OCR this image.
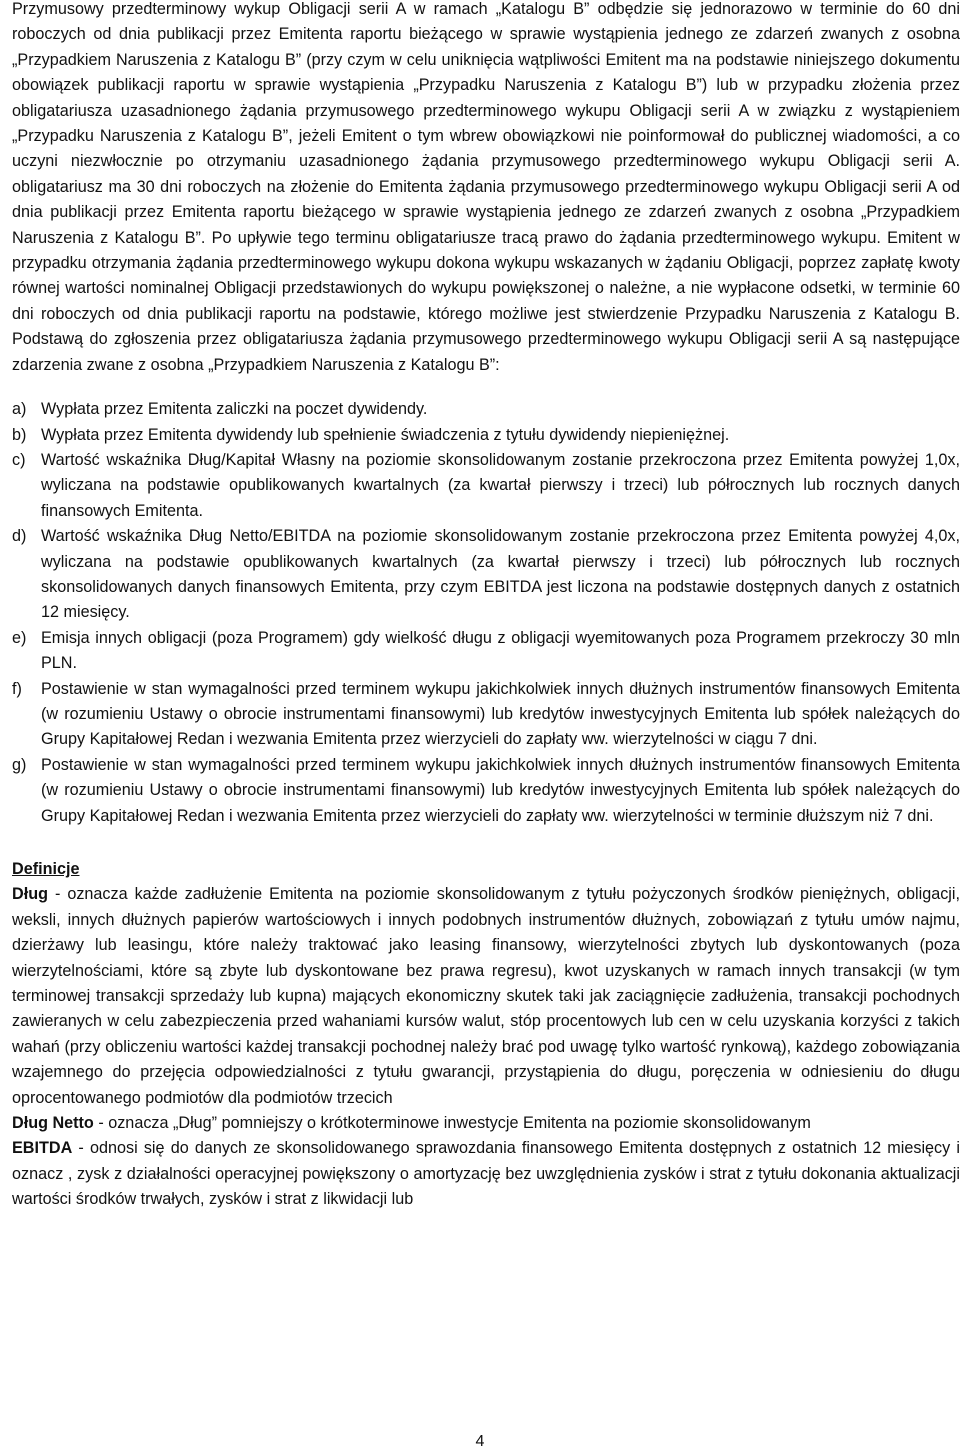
Przymusowy przedterminowy wykup Obligacji serii A w ramach „Katalogu B” odbędzie się jednorazowo w terminie do 60 dni roboczych od dnia publikacji przez Emitenta raportu bieżącego w sprawie wystąpienia jednego ze zdarzeń zwanych z osobna „Przypadkiem Naruszenia z Katalogu B” (przy czym w celu uniknięcia wątpliwości Emitent ma na podstawie niniejszego dokumentu obowiązek publikacji raportu w sprawie wystąpienia „Przypadku Naruszenia z Katalogu B”) lub w przypadku złożenia przez obligatariusza uzasadnionego żądania przymusowego przedterminowego wykupu Obligacji serii A w związku z wystąpieniem „Przypadku Naruszenia z Katalogu B”, jeżeli Emitent o tym wbrew obowiązkowi nie poinformował do publicznej wiadomości, a co uczyni niezwłocznie po otrzymaniu uzasadnionego żądania przymusowego przedterminowego wykupu Obligacji serii A. obligatariusz ma 30 dni roboczych na złożenie do Emitenta żądania przymusowego przedterminowego wykupu Obligacji serii A od dnia publikacji przez Emitenta raportu bieżącego w sprawie wystąpienia jednego ze zdarzeń zwanych z osobna „Przypadkiem Naruszenia z Katalogu B”. Po upływie tego terminu obligatariusze tracą prawo do żądania przedterminowego wykupu. Emitent w przypadku otrzymania żądania przedterminowego wykupu dokona wykupu wskazanych w żądaniu Obligacji, poprzez zapłatę kwoty równej wartości nominalnej Obligacji przedstawionych do wykupu powiększonej o należne, a nie wypłacone odsetki, w terminie 60 dni roboczych od dnia publikacji raportu na podstawie, którego możliwe jest stwierdzenie Przypadku Naruszenia z Katalogu B. Podstawą do zgłoszenia przez obligatariusza żądania przymusowego przedterminowego wykupu Obligacji serii A są następujące zdarzenia zwane z osobna „Przypadkiem Naruszenia z Katalogu B”:

a) Wypłata przez Emitenta zaliczki na poczet dywidendy.
b) Wypłata przez Emitenta dywidendy lub spełnienie świadczenia z tytułu dywidendy niepieniężnej.
c) Wartość wskaźnika Dług/Kapitał Własny na poziomie skonsolidowanym zostanie przekroczona przez Emitenta powyżej 1,0x, wyliczana na podstawie opublikowanych kwartalnych (za kwartał pierwszy i trzeci) lub półrocznych lub rocznych danych finansowych Emitenta.
d) Wartość wskaźnika Dług Netto/EBITDA na poziomie skonsolidowanym zostanie przekroczona przez Emitenta powyżej 4,0x, wyliczana na podstawie opublikowanych kwartalnych (za kwartał pierwszy i trzeci) lub półrocznych lub rocznych skonsolidowanych danych finansowych Emitenta, przy czym EBITDA jest liczona na podstawie dostępnych danych z ostatnich 12 miesięcy.
e) Emisja innych obligacji (poza Programem) gdy wielkość długu z obligacji wyemitowanych poza Programem przekroczy 30 mln PLN.
f)	Postawienie w stan wymagalności przed terminem wykupu jakichkolwiek innych dłużnych instrumentów finansowych Emitenta (w rozumieniu Ustawy o obrocie instrumentami finansowymi) lub kredytów inwestycyjnych Emitenta lub spółek należących do Grupy Kapitałowej Redan i wezwania Emitenta przez wierzycieli do zapłaty ww. wierzytelności w ciągu 7 dni.
g) Postawienie w stan wymagalności przed terminem wykupu jakichkolwiek innych dłużnych instrumentów finansowych Emitenta (w rozumieniu Ustawy o obrocie instrumentami finansowymi) lub kredytów inwestycyjnych Emitenta lub spółek należących do Grupy Kapitałowej Redan i wezwania Emitenta przez wierzycieli do zapłaty ww. wierzytelności w terminie dłuższym niż 7 dni.

Definicje

Dług - oznacza każde zadłużenie Emitenta na poziomie skonsolidowanym z tytułu pożyczonych środków pieniężnych, obligacji, weksli, innych dłużnych papierów wartościowych i innych podobnych instrumentów dłużnych, zobowiązań z tytułu umów najmu, dzierżawy lub leasingu, które należy traktować jako leasing finansowy, wierzytelności zbytych lub dyskontowanych (poza wierzytelnościami, które są zbyte lub dyskontowane bez prawa regresu), kwot uzyskanych w ramach innych transakcji (w tym terminowej transakcji sprzedaży lub kupna) mających ekonomiczny skutek taki jak zaciągnięcie zadłużenia, transakcji pochodnych zawieranych w celu zabezpieczenia przed wahaniami kursów walut, stóp procentowych lub cen w celu uzyskania korzyści z takich wahań (przy obliczeniu wartości każdej transakcji pochodnej należy brać pod uwagę tylko wartość rynkową), każdego zobowiązania wzajemnego do przejęcia odpowiedzialności z tytułu gwarancji, przystąpienia do długu, poręczenia w odniesieniu do długu oprocentowanego podmiotów dla podmiotów trzecich

Dług Netto - oznacza „Dług” pomniejszy o krótkoterminowe inwestycje Emitenta na poziomie skonsolidowanym

EBITDA - odnosi się do danych ze skonsolidowanego sprawozdania finansowego Emitenta dostępnych z ostatnich 12 miesięcy i oznacz , zysk z działalności operacyjnej powiększony o amortyzację bez uwzględnienia zysków i strat z tytułu dokonania aktualizacji wartości środków trwałych, zysków i strat z likwidacji lub

4
